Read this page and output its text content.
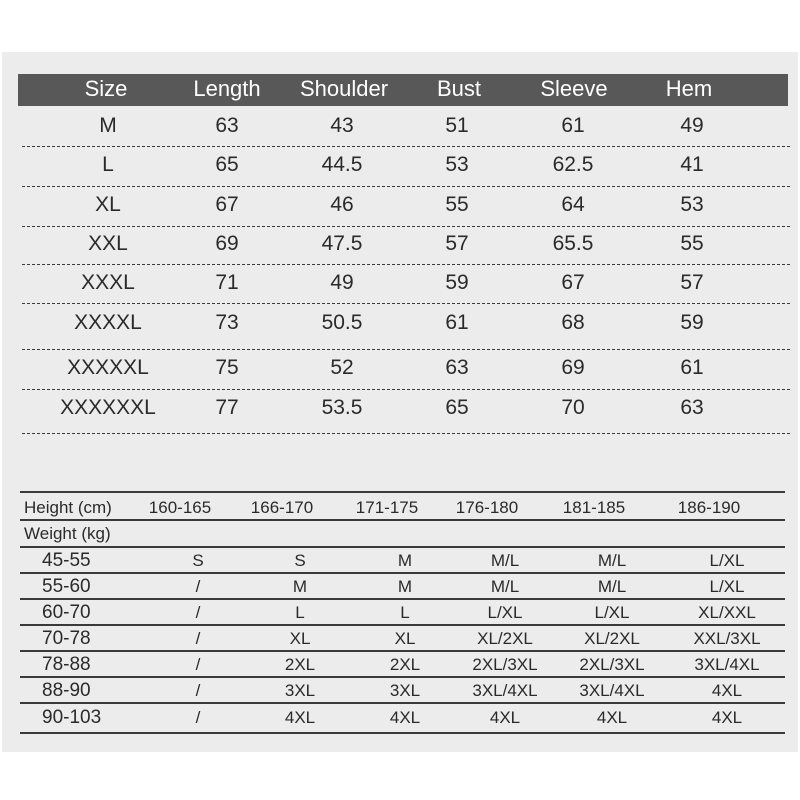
Size	Length Shoulder Bust	Sleeve	Hem
M	63	43	51	61	49
L	65	44.5	53	62.5	41
XL	67	46	55	64	53
XXL	69	47.5	57	65.5	55
XXXL	71	49	59	67	57
XXXXL	73	50.5	61	68	59
XXXXXL	75	52	63	69	61
XXXXXXL	77	53.5	65	70	63
Height (cm) 160-165 166-170	171-175 176-180	181-185	186-190
Weight (kg)
45-55	S	S	M	M/L	M/L	L/XL
55-60	/	M	M	M/L	M/L	L/XL
60-70	/	L	L	L/XL	L/XL	XL/XXL
70-78	/	XL	XL	XL/2XL	XL/2XL	XXL/3XL
78-88	/	2XL	2XL	2XL/3XL 2XL/3XL	3XL/4XL
88-90	/	3XL	3XL	3XL/4XL 3XL/4XL	4XL
90-103	/	4XL	4XL	4XL	4XL	4XL
